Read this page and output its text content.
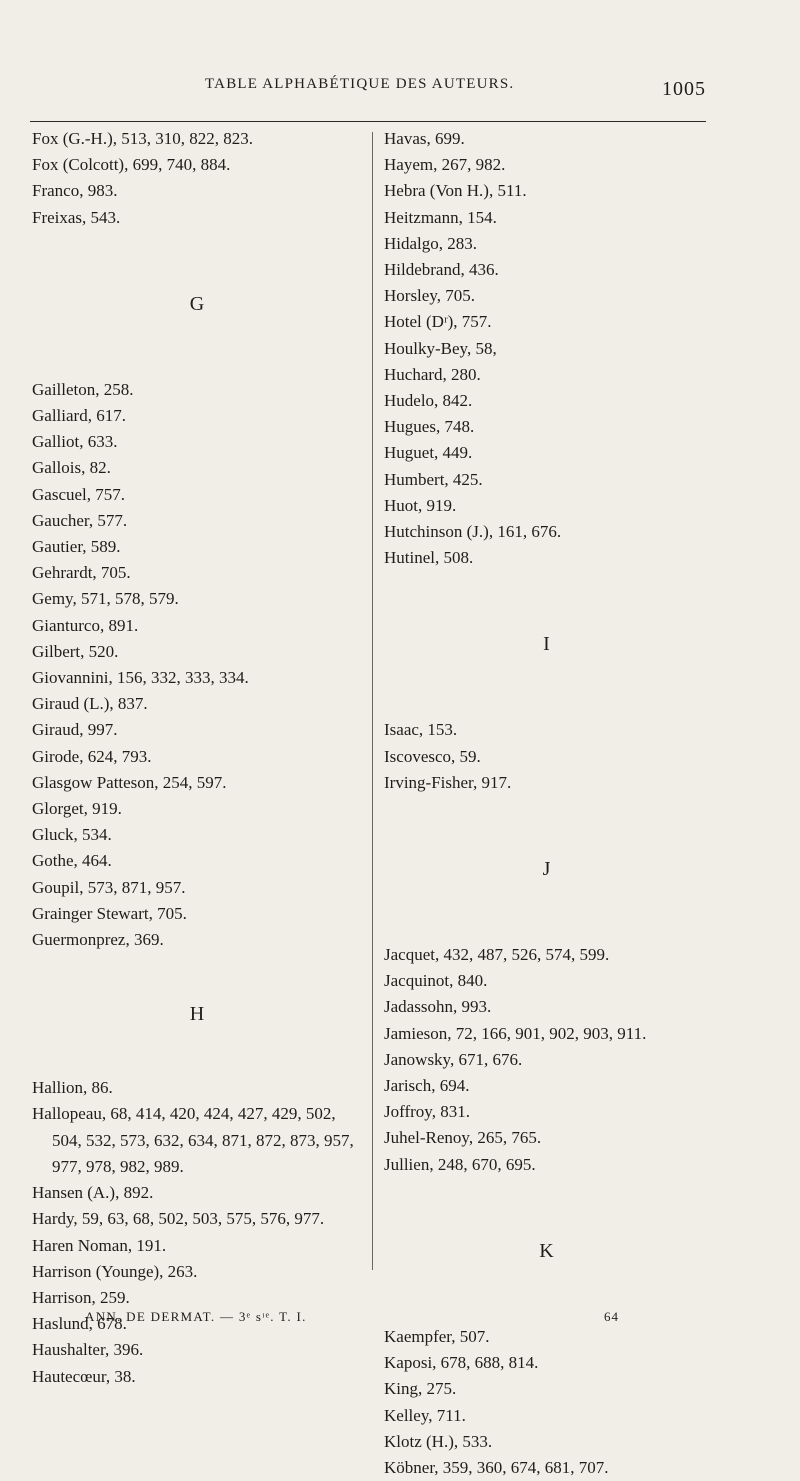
TABLE ALPHABÉTIQUE DES AUTEURS.	1005
Fox (G.-H.), 513, 310, 822, 823.
Fox (Colcott), 699, 740, 884.
Franco, 983.
Freixas, 543.
G
Gailleton, 258.
Galliard, 617.
Galliot, 633.
Gallois, 82.
Gascuel, 757.
Gaucher, 577.
Gautier, 589.
Gehrardt, 705.
Gemy, 571, 578, 579.
Gianturco, 891.
Gilbert, 520.
Giovannini, 156, 332, 333, 334.
Giraud (L.), 837.
Giraud, 997.
Girode, 624, 793.
Glasgow Patteson, 254, 597.
Glorget, 919.
Gluck, 534.
Gothe, 464.
Goupil, 573, 871, 957.
Grainger Stewart, 705.
Guermonprez, 369.
H
Hallion, 86.
Hallopeau, 68, 414, 420, 424, 427, 429, 502, 504, 532, 573, 632, 634, 871, 872, 873, 957, 977, 978, 982, 989.
Hansen (A.), 892.
Hardy, 59, 63, 68, 502, 503, 575, 576, 977.
Haren Noman, 191.
Harrison (Younge), 263.
Harrison, 259.
Haslund, 678.
Haushalter, 396.
Hautecœur, 38.
Havas, 699.
Hayem, 267, 982.
Hebra (Von H.), 511.
Heitzmann, 154.
Hidalgo, 283.
Hildebrand, 436.
Horsley, 705.
Hotel (Dʳ), 757.
Houlky-Bey, 58,
Huchard, 280.
Hudelo, 842.
Hugues, 748.
Huguet, 449.
Humbert, 425.
Huot, 919.
Hutchinson (J.), 161, 676.
Hutinel, 508.
I
Isaac, 153.
Iscovesco, 59.
Irving-Fisher, 917.
J
Jacquet, 432, 487, 526, 574, 599.
Jacquinot, 840.
Jadassohn, 993.
Jamieson, 72, 166, 901, 902, 903, 911.
Janowsky, 671, 676.
Jarisch, 694.
Joffroy, 831.
Juhel-Renoy, 265, 765.
Jullien, 248, 670, 695.
K
Kaempfer, 507.
Kaposi, 678, 688, 814.
King, 275.
Kelley, 711.
Klotz (H.), 533.
Köbner, 359, 360, 674, 681, 707.
ANN. DE DERMAT. — 3ᵉ sᶦᵉ. T. I.	64
